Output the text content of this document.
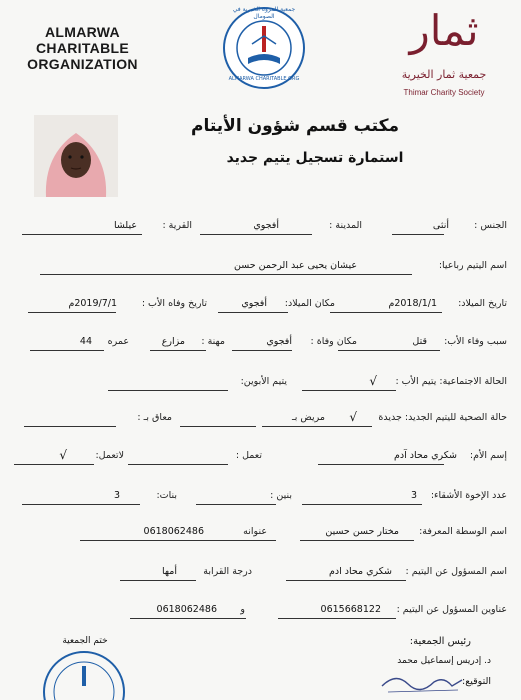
ALMARWA CHARITABLE
ORGANIZATION
جمعية المروة الخيرية في الصومال
ALMARWA CHARITABLE ORG
ثمار
جمعية ثمار الخيرية
Thimar Charity Society
مكتب قسم شؤون الأيتام
استمارة تسجيل يتيم جديد
الجنس :
أنثى
المدينة :
أفجوي
القرية :
عيلشا
اسم اليتيم رباعيا:
عيشان يحيى عبد الرحمن حسن
تاريخ الميلاد:
2018/1/1م
مكان الميلاد:
أفجوي
تاريخ وفاه الأب :
2019/7/1م
سبب وفاء الأب:
قتل
مكان وفاة :
أفجوي
مهنة :
مزارع
عمره
44
الحالة الاجتماعية: يتيم الأب :
√
يتيم الأبوين:
حالة الصحية لليتيم الجديد: جديدة
√
مريض بـ
معاق بـ :
إسم الأم:
شكري محاد آدم
تعمل :
لاتعمل:
√
عدد الإخوة الأشقاء:
3
بنين :
بنات:
3
اسم الوسطة المعرفة:
مختار حسن حسين
عنوانه
0618062486
اسم المسؤول عن اليتيم :
شكري محاد ادم
درجة القرابة
أمها
عناوين المسؤول عن اليتيم :
0615668122
و
0618062486
ختم الجمعية	رئيس الجمعية:
د. إدريس إسماعيل محمد
التوقيع:
